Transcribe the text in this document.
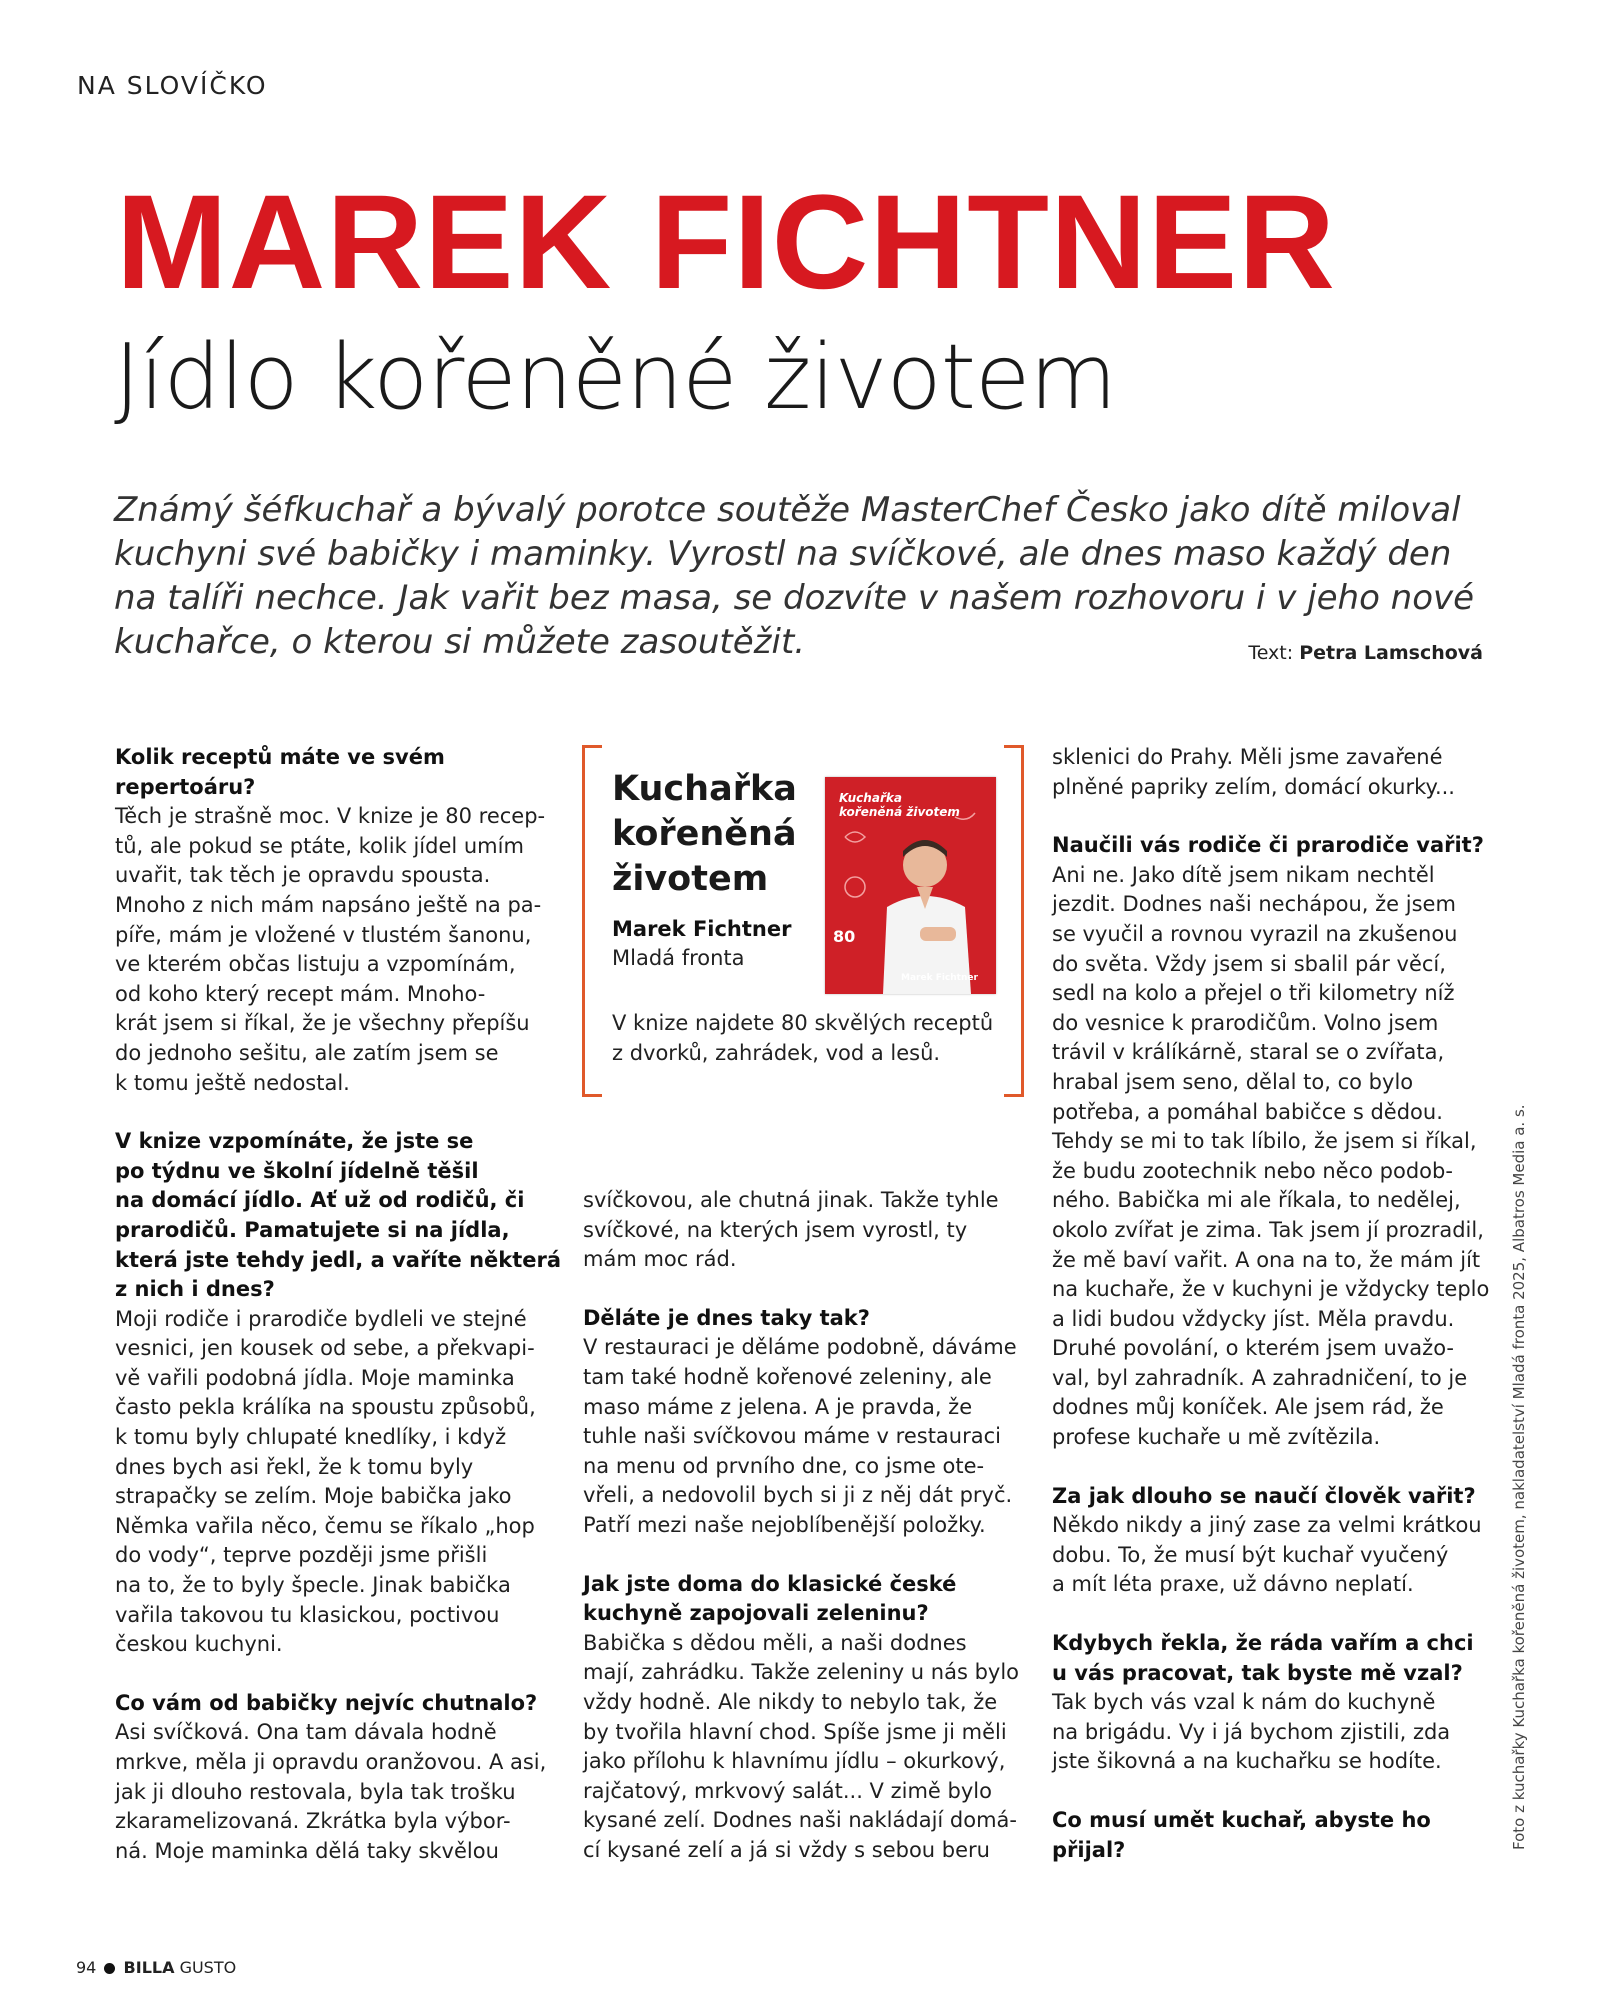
NA SLOVÍČKO
MAREK FICHTNER
Jídlo kořeněné životem

Známý šéfkuchař a bývalý porotce soutěže MasterChef Česko jako dítě miloval

kuchyni své babičky i maminky. Vyrostl na svíčkové, ale dnes maso každý den

na talíři nechce. Jak vařit bez masa, se dozvíte v našem rozhovoru i v jeho nové

kuchařce, o kterou si můžete zasoutěžit.	Text: Petra Lamschová

Kolik receptů máte ve svém

repertoáru?

Těch je strašně moc. V knize je 80 recep-

tů, ale pokud se ptáte, kolik jídel umím

uvařit, tak těch je opravdu spousta.

Mnoho z nich mám napsáno ještě na pa-

píře, mám je vložené v tlustém šanonu,

ve kterém občas listuju a vzpomínám,

od koho který recept mám. Mnoho-

krát jsem si říkal, že je všechny přepíšu

do jednoho sešitu, ale zatím jsem se

k tomu ještě nedostal.

V knize vzpomínáte, že jste se

po týdnu ve školní jídelně těšil

na domácí jídlo. Ať už od rodičů, či

prarodičů. Pamatujete si na jídla,

která jste tehdy jedl, a vaříte některá

z nich i dnes?

Moji rodiče i prarodiče bydleli ve stejné

vesnici, jen kousek od sebe, a překvapi-

vě vařili podobná jídla. Moje maminka

často pekla králíka na spoustu způsobů,

k tomu byly chlupaté knedlíky, i když

dnes bych asi řekl, že k tomu byly

strapačky se zelím. Moje babička jako

Němka vařila něco, čemu se říkalo „hop

do vody“, teprve později jsme přišli

na to, že to byly špecle. Jinak babička

vařila takovou tu klasickou, poctivou

českou kuchyni.

Co vám od babičky nejvíc chutnalo?

Asi svíčková. Ona tam dávala hodně

mrkve, měla ji opravdu oranžovou. A asi,

jak ji dlouho restovala, byla tak trošku

zkaramelizovaná. Zkrátka byla výbor-

ná. Moje maminka dělá taky skvělou

Kuchařka

kořeněná

životem

Marek Fichtner
Mladá fronta

V knize najdete 80 skvělých receptů

z dvorků, zahrádek, vod a lesů.

Kuchařka

kořeněná životem

80
Marek Fichtner

svíčkovou, ale chutná jinak. Takže tyhle

svíčkové, na kterých jsem vyrostl, ty

mám moc rád.

Děláte je dnes taky tak?

V restauraci je děláme podobně, dáváme

tam také hodně kořenové zeleniny, ale

maso máme z jelena. A je pravda, že

tuhle naši svíčkovou máme v restauraci

na menu od prvního dne, co jsme ote-

vřeli, a nedovolil bych si ji z něj dát pryč.

Patří mezi naše nejoblíbenější položky.

Jak jste doma do klasické české

kuchyně zapojovali zeleninu?

Babička s dědou měli, a naši dodnes

mají, zahrádku. Takže zeleniny u nás bylo

vždy hodně. Ale nikdy to nebylo tak, že

by tvořila hlavní chod. Spíše jsme ji měli

jako přílohu k hlavnímu jídlu – okurkový,

rajčatový, mrkvový salát... V zimě bylo

kysané zelí. Dodnes naši nakládají domá-

cí kysané zelí a já si vždy s sebou beru

sklenici do Prahy. Měli jsme zavařené

plněné papriky zelím, domácí okurky...

Naučili vás rodiče či prarodiče vařit?

Ani ne. Jako dítě jsem nikam nechtěl

jezdit. Dodnes naši nechápou, že jsem

se vyučil a rovnou vyrazil na zkušenou

do světa. Vždy jsem si sbalil pár věcí,

sedl na kolo a přejel o tři kilometry níž

do vesnice k prarodičům. Volno jsem

trávil v králíkárně, staral se o zvířata,

hrabal jsem seno, dělal to, co bylo

potřeba, a pomáhal babičce s dědou.

Tehdy se mi to tak líbilo, že jsem si říkal,

že budu zootechnik nebo něco podob-

ného. Babička mi ale říkala, to nedělej,

okolo zvířat je zima. Tak jsem jí prozradil,

že mě baví vařit. A ona na to, že mám jít

na kuchaře, že v kuchyni je vždycky teplo

a lidi budou vždycky jíst. Měla pravdu.

Druhé povolání, o kterém jsem uvažo-

val, byl zahradník. A zahradničení, to je

dodnes můj koníček. Ale jsem rád, že

profese kuchaře u mě zvítězila.

Za jak dlouho se naučí člověk vařit?

Někdo nikdy a jiný zase za velmi krátkou

dobu. To, že musí být kuchař vyučený

a mít léta praxe, už dávno neplatí.

Kdybych řekla, že ráda vařím a chci

u vás pracovat, tak byste mě vzal?

Tak bych vás vzal k nám do kuchyně

na brigádu. Vy i já bychom zjistili, zda

jste šikovná a na kuchařku se hodíte.

Co musí umět kuchař, abyste ho

přijal?

94 BILLA GUSTO
Foto z kuchařky Kuchařka kořeněná životem, nakladatelství Mladá fronta 2025, Albatros Media a. s.
